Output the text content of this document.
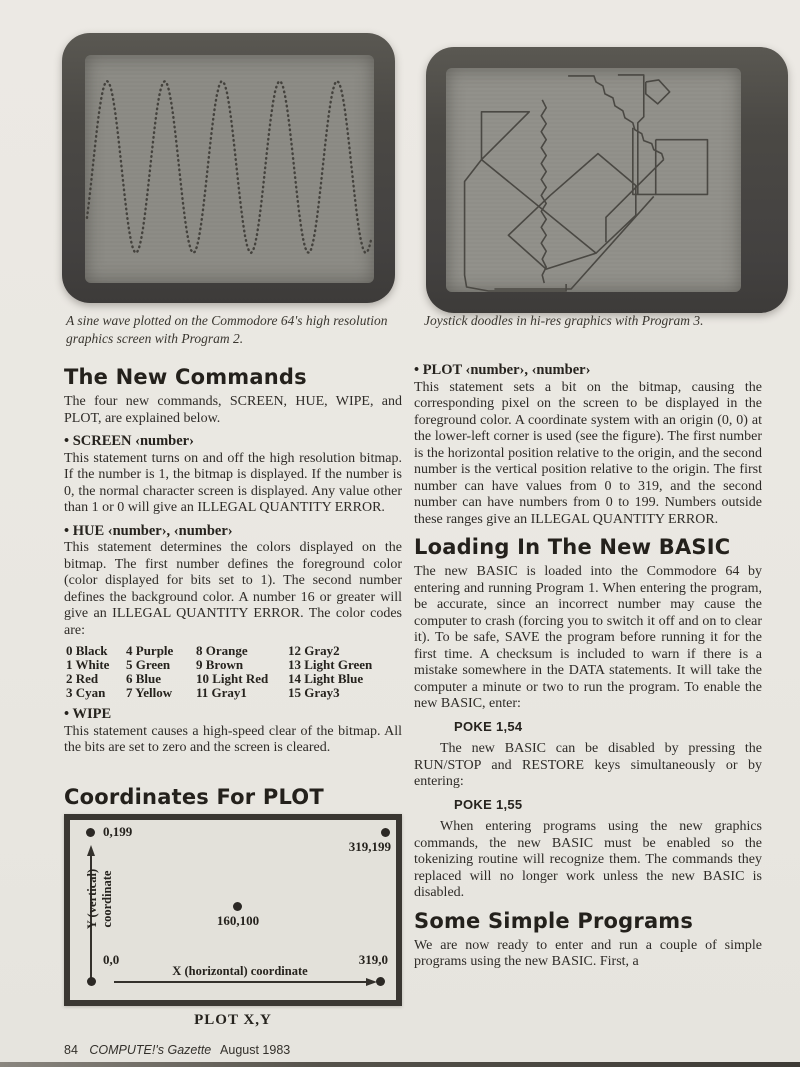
A sine wave plotted on the Commodore 64's high resolution graphics screen with Program 2.
Joystick doodles in hi-res graphics with Program 3.
The New Commands

The four new commands, SCREEN, HUE, WIPE, and PLOT, are explained below.

• SCREEN ‹number›

This statement turns on and off the high resolution bitmap. If the number is 1, the bitmap is displayed. If the number is 0, the normal character screen is displayed. Any value other than 1 or 0 will give an ILLEGAL QUANTITY ERROR.

• HUE ‹number›, ‹number›

This statement determines the colors displayed on the bitmap. The first number defines the foreground color (color displayed for bits set to 1). The second number defines the background color. A number 16 or greater will give an ILLEGAL QUANTITY ERROR. The color codes are:

0 Black	4 Purple	8 Orange	12 Gray2
1 White	5 Green	9 Brown	13 Light Green
2 Red	6 Blue	10 Light Red	14 Light Blue
3 Cyan	7 Yellow	11 Gray1	15 Gray3
• WIPE

This statement causes a high-speed clear of the bitmap. All the bits are set to zero and the screen is cleared.

Coordinates For PLOT
0,199
319,199
160,100
0,0	319,0
Y (vertical) coordinate
X (horizontal) coordinate
PLOT X,Y
84 COMPUTE!'s Gazette August 1983
• PLOT ‹number›, ‹number›

This statement sets a bit on the bitmap, causing the corresponding pixel on the screen to be displayed in the foreground color. A coordinate system with an origin (0, 0) at the lower-left corner is used (see the figure). The first number is the horizontal position relative to the origin, and the second number is the vertical position relative to the origin. The first number can have values from 0 to 319, and the second number can have numbers from 0 to 199. Numbers outside these ranges give an ILLEGAL QUANTITY ERROR.

Loading In The New BASIC

The new BASIC is loaded into the Commodore 64 by entering and running Program 1. When entering the program, be accurate, since an incorrect number may cause the computer to crash (forcing you to switch it off and on to clear it). To be safe, SAVE the program before running it for the first time. A checksum is included to warn if there is a mistake somewhere in the DATA statements. It will take the computer a minute or two to run the program. To enable the new BASIC, enter:

POKE 1,54

The new BASIC can be disabled by pressing the RUN/STOP and RESTORE keys simultaneously or by entering:

POKE 1,55

When entering programs using the new graphics commands, the new BASIC must be enabled so the tokenizing routine will recognize them. The commands they replaced will no longer work unless the new BASIC is disabled.

Some Simple Programs

We are now ready to enter and run a couple of simple programs using the new BASIC. First, a
